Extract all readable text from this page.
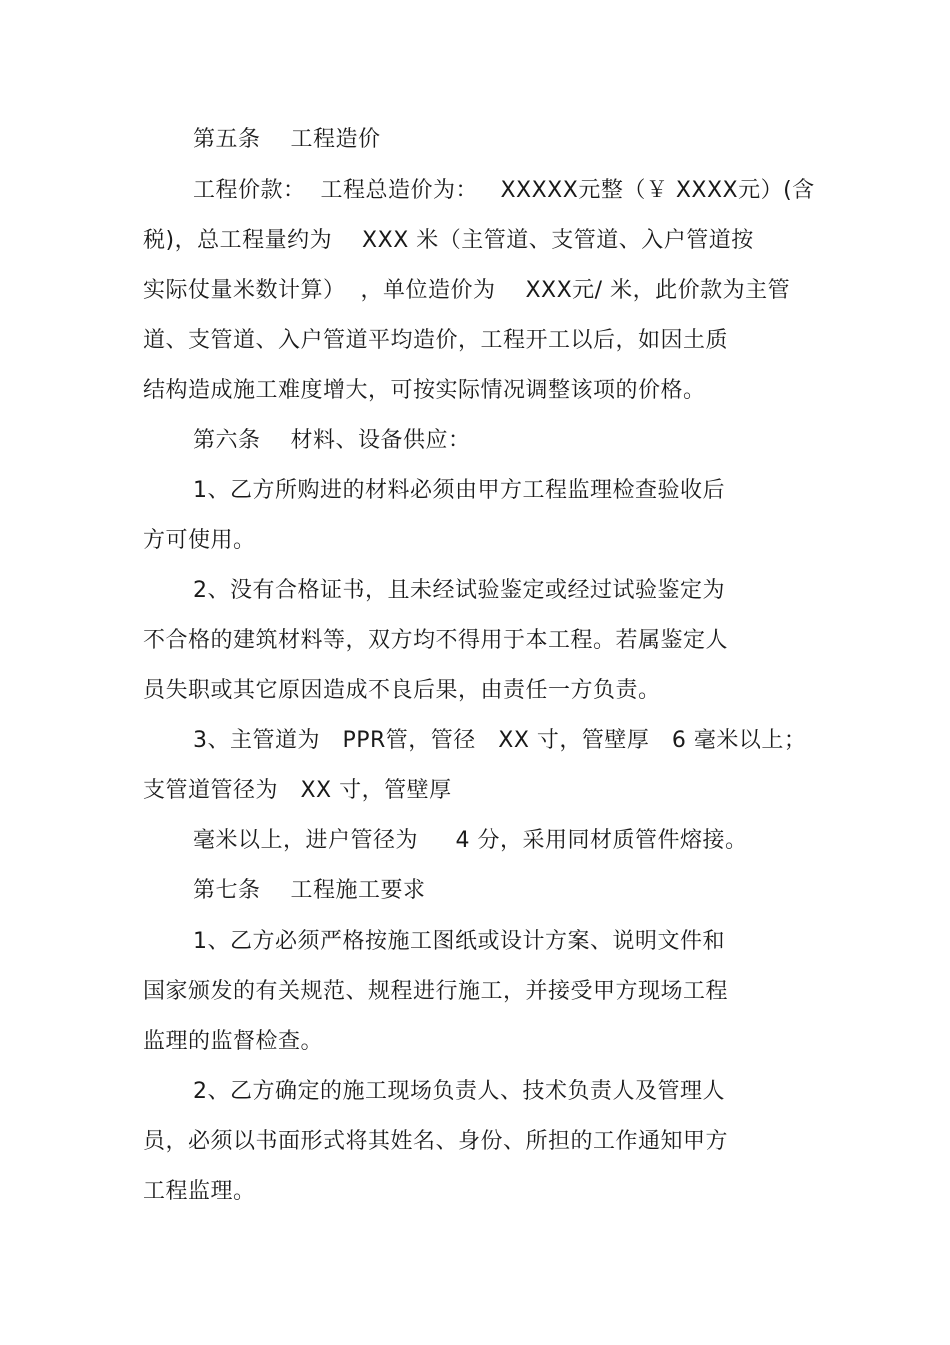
第五条　 工程造价
工程价款：  工程总造价为：   XXXXX元整（￥ XXXX元）(含
税)，总工程量约为    XXX 米（主管道、支管道、入户管道按
实际仗量米数计算）  ，单位造价为    XXX元/ 米，此价款为主管
道、支管道、入户管道平均造价，工程开工以后，如因土质
结构造成施工难度增大，可按实际情况调整该项的价格。
第六条　 材料、设备供应：
1、乙方所购进的材料必须由甲方工程监理检查验收后
方可使用。
2、没有合格证书，且未经试验鉴定或经过试验鉴定为
不合格的建筑材料等，双方均不得用于本工程。若属鉴定人
员失职或其它原因造成不良后果，由责任一方负责。
3、主管道为   PPR管，管径   XX 寸，管壁厚   6 毫米以上；
支管道管径为   XX 寸，管壁厚
毫米以上，进户管径为     4 分，采用同材质管件熔接。
第七条　 工程施工要求
1、乙方必须严格按施工图纸或设计方案、说明文件和
国家颁发的有关规范、规程进行施工，并接受甲方现场工程
监理的监督检查。
2、乙方确定的施工现场负责人、技术负责人及管理人
员，必须以书面形式将其姓名、身份、所担的工作通知甲方
工程监理。
